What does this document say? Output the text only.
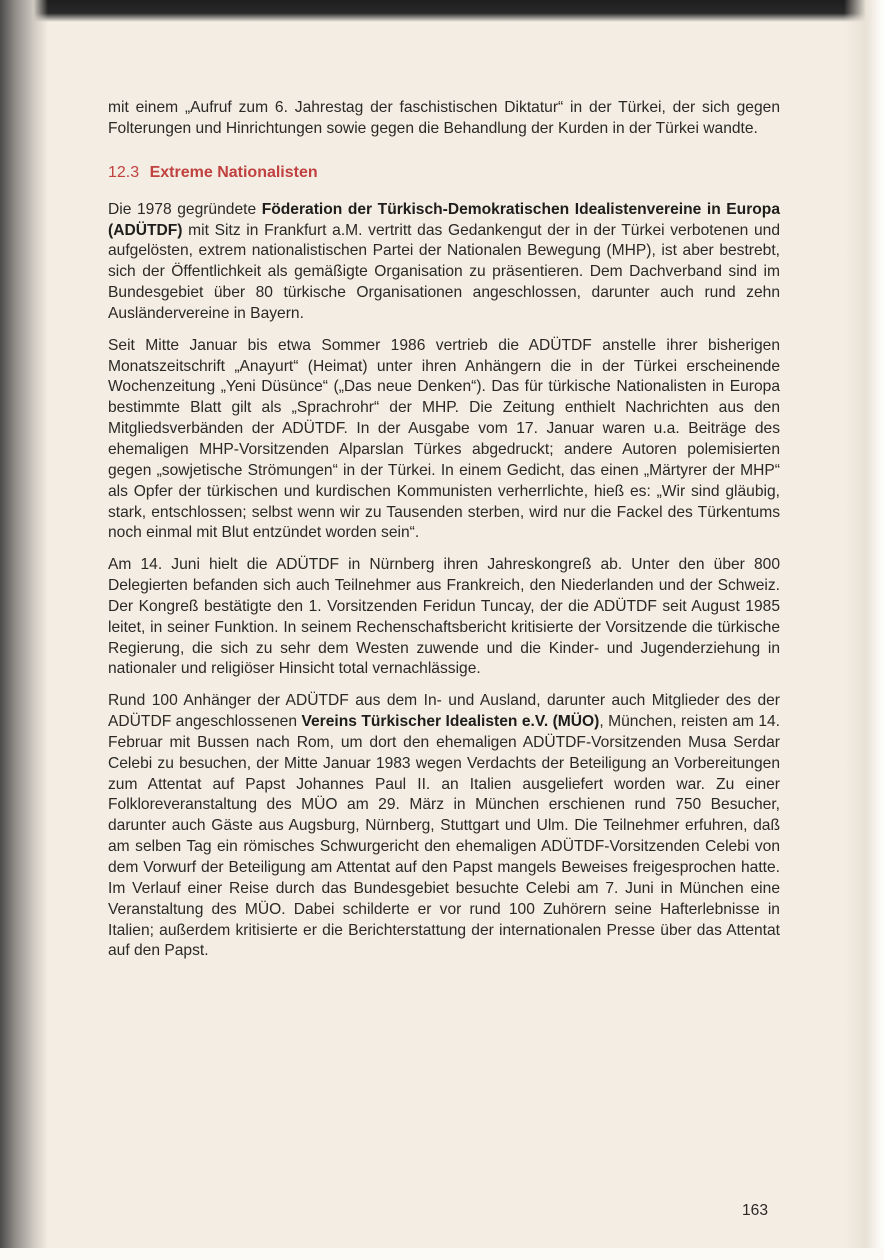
mit einem „Aufruf zum 6. Jahrestag der faschistischen Diktatur“ in der Türkei, der sich gegen Folterungen und Hinrichtungen sowie gegen die Behandlung der Kurden in der Türkei wandte.

12.3 Extreme Nationalisten

Die 1978 gegründete Föderation der Türkisch-Demokratischen Idealistenvereine in Europa (ADÜTDF) mit Sitz in Frankfurt a.M. vertritt das Gedankengut der in der Türkei verbotenen und aufgelösten, extrem nationalistischen Partei der Nationalen Bewegung (MHP), ist aber bestrebt, sich der Öffentlichkeit als gemäßigte Organisation zu präsentieren. Dem Dachverband sind im Bundesgebiet über 80 türkische Organisationen angeschlossen, darunter auch rund zehn Ausländervereine in Bayern.

Seit Mitte Januar bis etwa Sommer 1986 vertrieb die ADÜTDF anstelle ihrer bisherigen Monatszeitschrift „Anayurt“ (Heimat) unter ihren Anhängern die in der Türkei erscheinende Wochenzeitung „Yeni Düsünce“ („Das neue Denken“). Das für türkische Nationalisten in Europa bestimmte Blatt gilt als „Sprachrohr“ der MHP. Die Zeitung enthielt Nachrichten aus den Mitgliedsverbänden der ADÜTDF. In der Ausgabe vom 17. Januar waren u.a. Beiträge des ehemaligen MHP-Vorsitzenden Alparslan Türkes abgedruckt; andere Autoren polemisierten gegen „sowjetische Strömungen“ in der Türkei. In einem Gedicht, das einen „Märtyrer der MHP“ als Opfer der türkischen und kurdischen Kommunisten verherrlichte, hieß es: „Wir sind gläubig, stark, entschlossen; selbst wenn wir zu Tausenden sterben, wird nur die Fackel des Türkentums noch einmal mit Blut entzündet worden sein“.

Am 14. Juni hielt die ADÜTDF in Nürnberg ihren Jahreskongreß ab. Unter den über 800 Delegierten befanden sich auch Teilnehmer aus Frankreich, den Niederlanden und der Schweiz. Der Kongreß bestätigte den 1. Vorsitzenden Feridun Tuncay, der die ADÜTDF seit August 1985 leitet, in seiner Funktion. In seinem Rechenschaftsbericht kritisierte der Vorsitzende die türkische Regierung, die sich zu sehr dem Westen zuwende und die Kinder- und Jugenderziehung in nationaler und religiöser Hinsicht total vernachlässige.

Rund 100 Anhänger der ADÜTDF aus dem In- und Ausland, darunter auch Mitglieder des der ADÜTDF angeschlossenen Vereins Türkischer Idealisten e.V. (MÜO), München, reisten am 14. Februar mit Bussen nach Rom, um dort den ehemaligen ADÜTDF-Vorsitzenden Musa Serdar Celebi zu besuchen, der Mitte Januar 1983 wegen Verdachts der Beteiligung an Vorbereitungen zum Attentat auf Papst Johannes Paul II. an Italien ausgeliefert worden war. Zu einer Folkloreveranstaltung des MÜO am 29. März in München erschienen rund 750 Besucher, darunter auch Gäste aus Augsburg, Nürnberg, Stuttgart und Ulm. Die Teilnehmer erfuhren, daß am selben Tag ein römisches Schwurgericht den ehemaligen ADÜTDF-Vorsitzenden Celebi von dem Vorwurf der Beteiligung am Attentat auf den Papst mangels Beweises freigesprochen hatte. Im Verlauf einer Reise durch das Bundesgebiet besuchte Celebi am 7. Juni in München eine Veranstaltung des MÜO. Dabei schilderte er vor rund 100 Zuhörern seine Hafterlebnisse in Italien; außerdem kritisierte er die Berichterstattung der internationalen Presse über das Attentat auf den Papst.

163
